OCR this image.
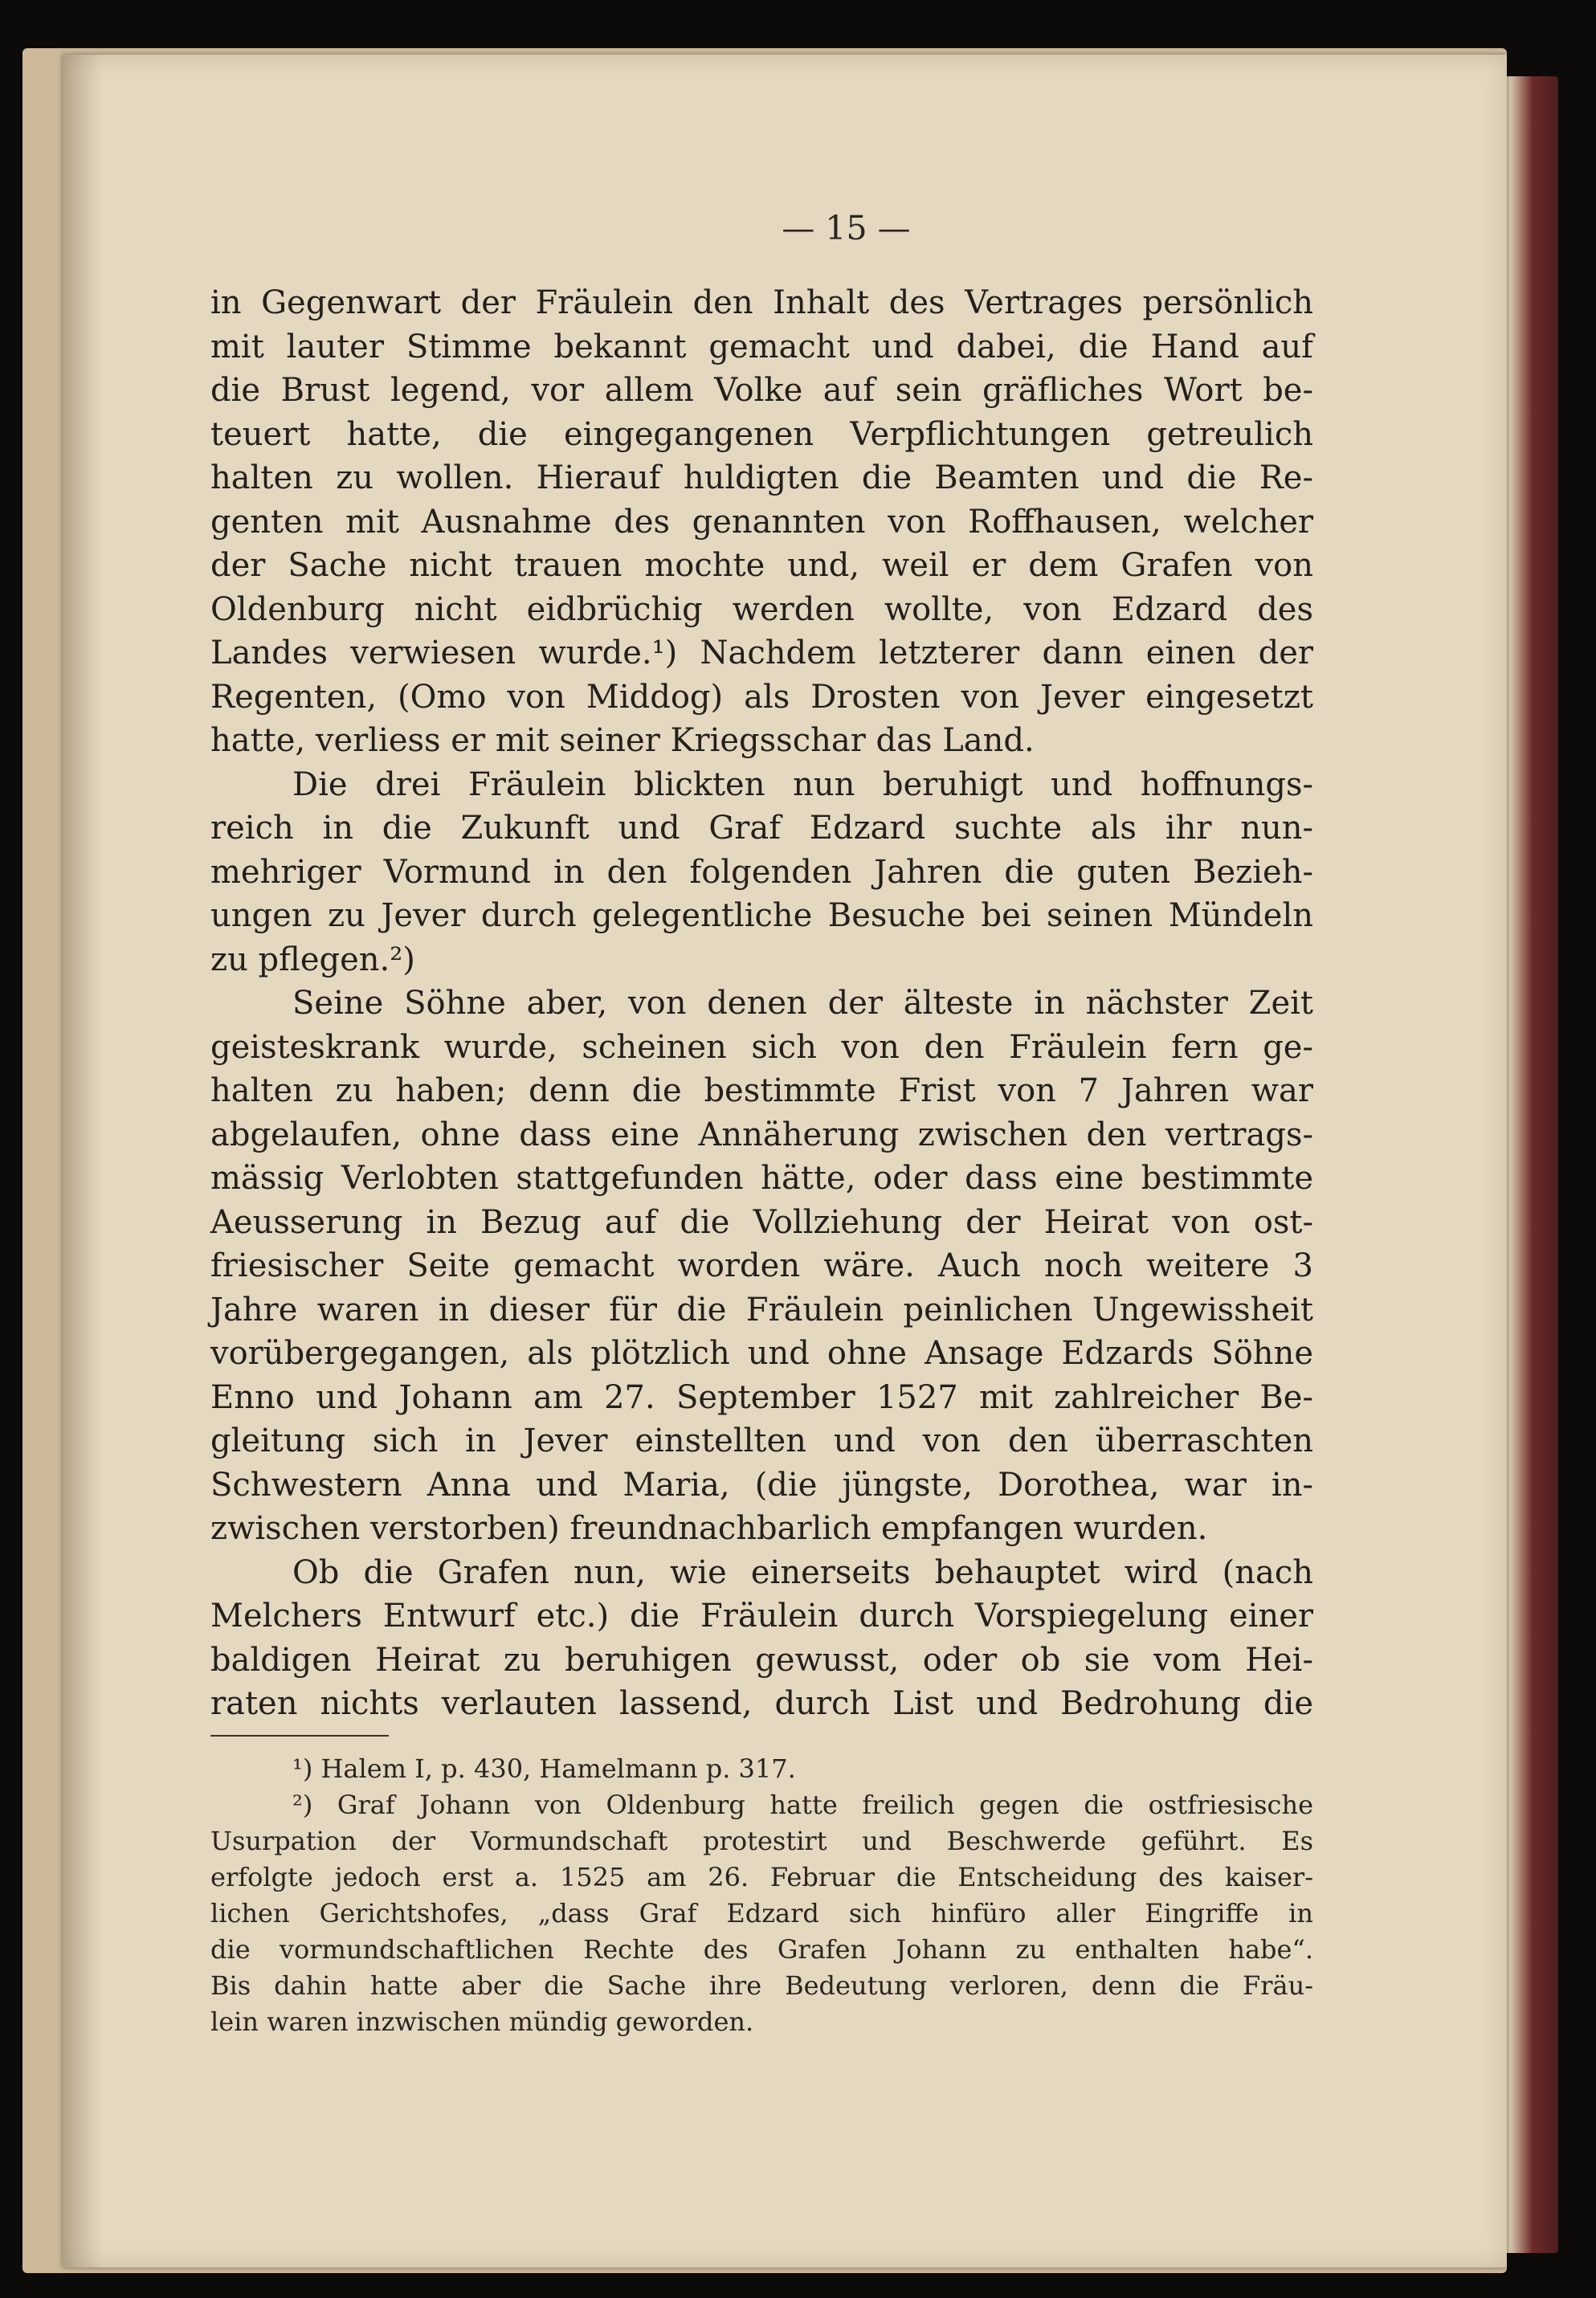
— 15 —
in Gegenwart der Fräulein den Inhalt des Vertrages persönlich
mit lauter Stimme bekannt gemacht und dabei, die Hand auf
die Brust legend, vor allem Volke auf sein gräfliches Wort be-
teuert hatte, die eingegangenen Verpflichtungen getreulich
halten zu wollen. Hierauf huldigten die Beamten und die Re-
genten mit Ausnahme des genannten von Roffhausen, welcher
der Sache nicht trauen mochte und, weil er dem Grafen von
Oldenburg nicht eidbrüchig werden wollte, von Edzard des
Landes verwiesen wurde.¹) Nachdem letzterer dann einen der
Regenten, (Omo von Middog) als Drosten von Jever eingesetzt
hatte, verliess er mit seiner Kriegsschar das Land.
Die drei Fräulein blickten nun beruhigt und hoffnungs-
reich in die Zukunft und Graf Edzard suchte als ihr nun-
mehriger Vormund in den folgenden Jahren die guten Bezieh-
ungen zu Jever durch gelegentliche Besuche bei seinen Mündeln
zu pflegen.²)
Seine Söhne aber, von denen der älteste in nächster Zeit
geisteskrank wurde, scheinen sich von den Fräulein fern ge-
halten zu haben; denn die bestimmte Frist von 7 Jahren war
abgelaufen, ohne dass eine Annäherung zwischen den vertrags-
mässig Verlobten stattgefunden hätte, oder dass eine bestimmte
Aeusserung in Bezug auf die Vollziehung der Heirat von ost-
friesischer Seite gemacht worden wäre. Auch noch weitere 3
Jahre waren in dieser für die Fräulein peinlichen Ungewissheit
vorübergegangen, als plötzlich und ohne Ansage Edzards Söhne
Enno und Johann am 27. September 1527 mit zahlreicher Be-
gleitung sich in Jever einstellten und von den überraschten
Schwestern Anna und Maria, (die jüngste, Dorothea, war in-
zwischen verstorben) freundnachbarlich empfangen wurden.
Ob die Grafen nun, wie einerseits behauptet wird (nach
Melchers Entwurf etc.) die Fräulein durch Vorspiegelung einer
baldigen Heirat zu beruhigen gewusst, oder ob sie vom Hei-
raten nichts verlauten lassend, durch List und Bedrohung die
¹) Halem I, p. 430, Hamelmann p. 317.
²) Graf Johann von Oldenburg hatte freilich gegen die ostfriesische
Usurpation der Vormundschaft protestirt und Beschwerde geführt. Es
erfolgte jedoch erst a. 1525 am 26. Februar die Entscheidung des kaiser-
lichen Gerichtshofes, „dass Graf Edzard sich hinfüro aller Eingriffe in
die vormundschaftlichen Rechte des Grafen Johann zu enthalten habe“.
Bis dahin hatte aber die Sache ihre Bedeutung verloren, denn die Fräu-
lein waren inzwischen mündig geworden.
